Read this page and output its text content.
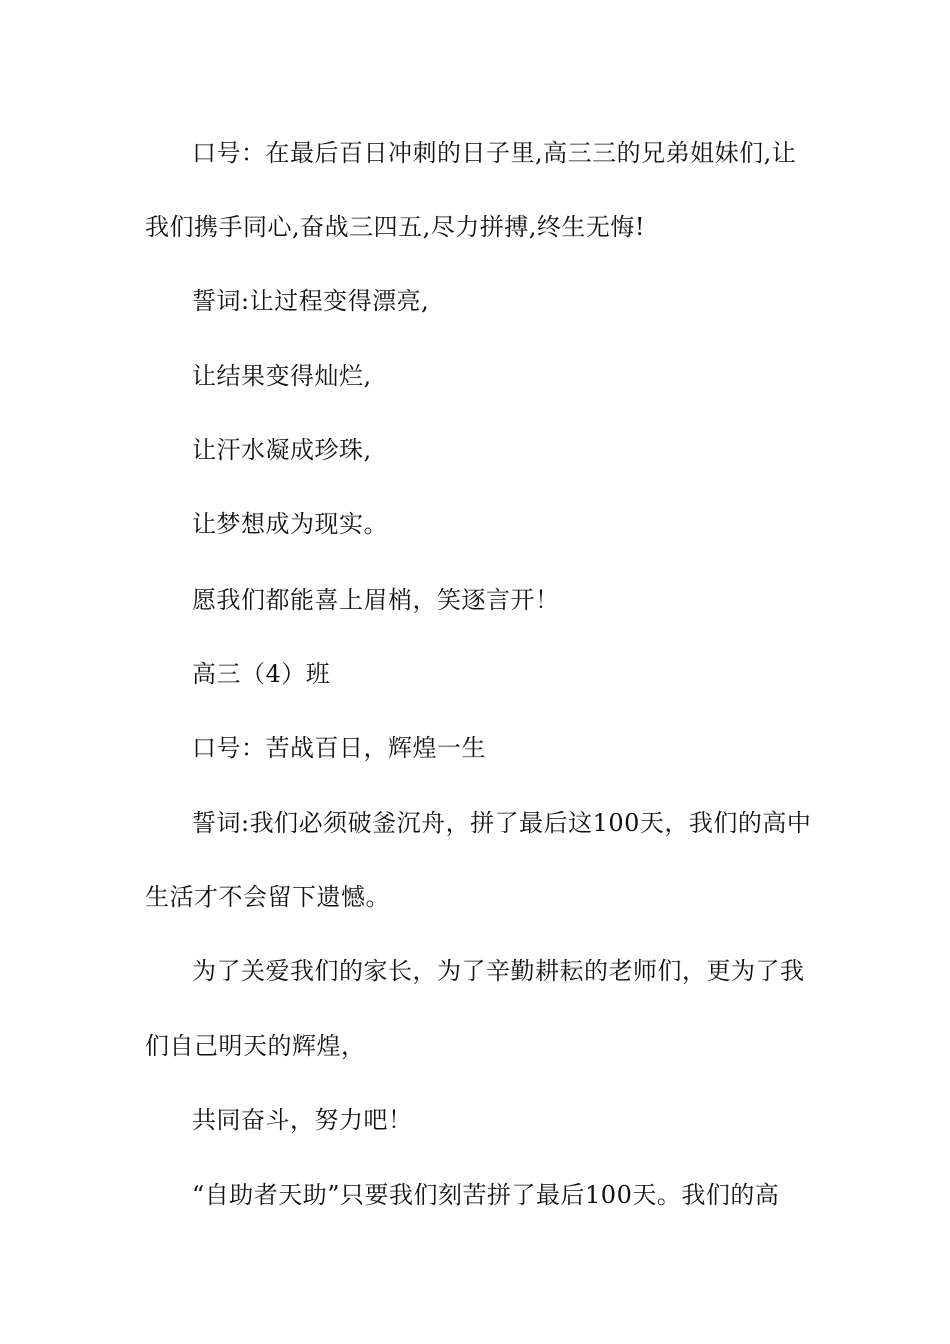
口号：在最后百日冲刺的日子里,高三三的兄弟姐妹们,让
我们携手同心,奋战三四五,尽力拼搏,终生无悔!
誓词:让过程变得漂亮,
让结果变得灿烂,
让汗水凝成珍珠,
让梦想成为现实。
愿我们都能喜上眉梢，笑逐言开！
高三（4）班
口号：苦战百日，辉煌一生
誓词:我们必须破釜沉舟，拼了最后这100天，我们的高中
生活才不会留下遗憾。
为了关爱我们的家长，为了辛勤耕耘的老师们，更为了我
们自己明天的辉煌，
共同奋斗，努力吧！
“自助者天助”只要我们刻苦拼了最后100天。我们的高
